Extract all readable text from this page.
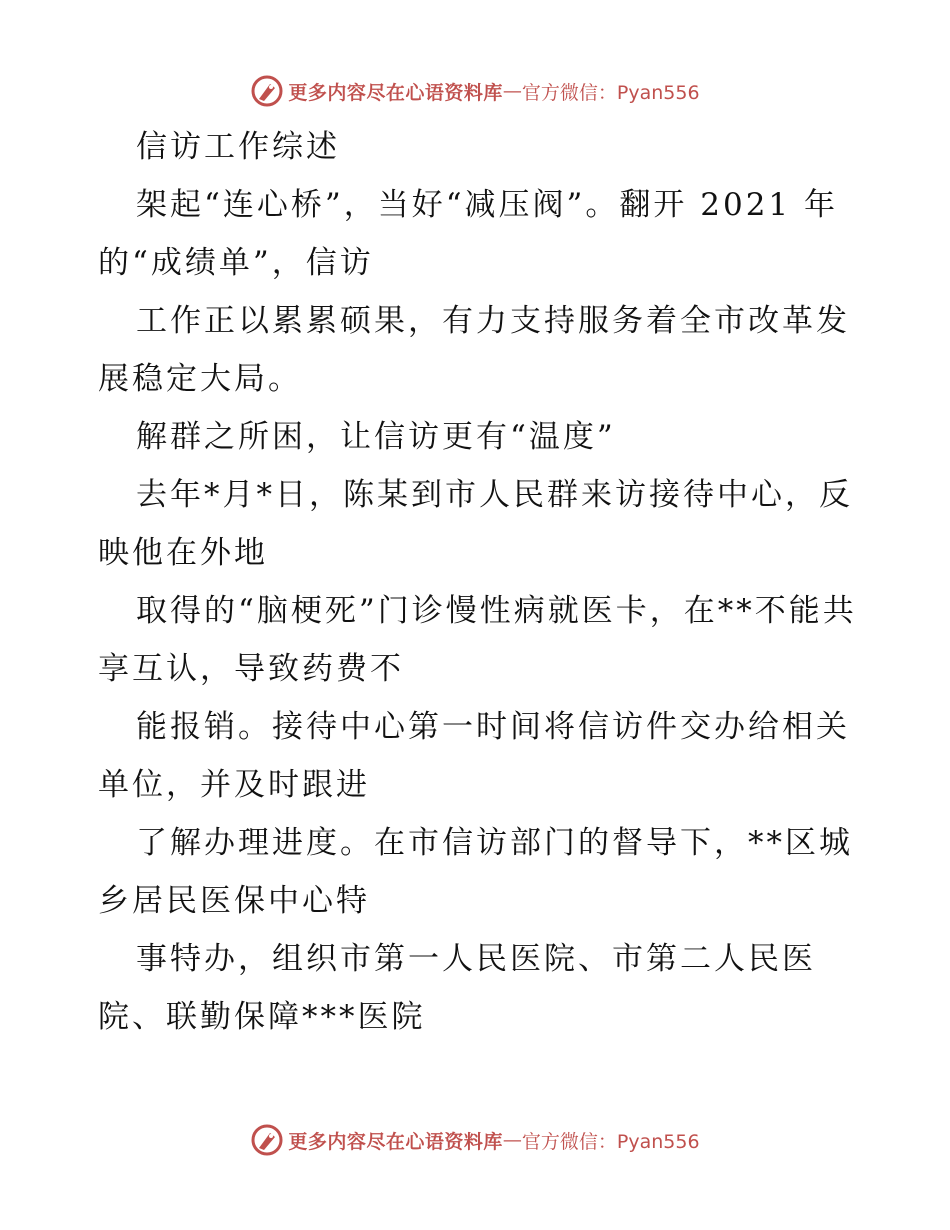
更多内容尽在心语资料库 — 官方微信：Pyan556

信访工作综述

架起“连心桥”，当好“减压阀”。翻开 2021 年的“成绩单”，信访

工作正以累累硕果，有力支持服务着全市改革发展稳定大局。

解群之所困，让信访更有“温度”

去年*月*日，陈某到市人民群来访接待中心，反映他在外地

取得的“脑梗死”门诊慢性病就医卡，在**不能共享互认，导致药费不

能报销。接待中心第一时间将信访件交办给相关单位，并及时跟进

了解办理进度。在市信访部门的督导下，**区城乡居民医保中心特

事特办，组织市第一人民医院、市第二人民医院、联勤保障***医院

更多内容尽在心语资料库 — 官方微信：Pyan556
